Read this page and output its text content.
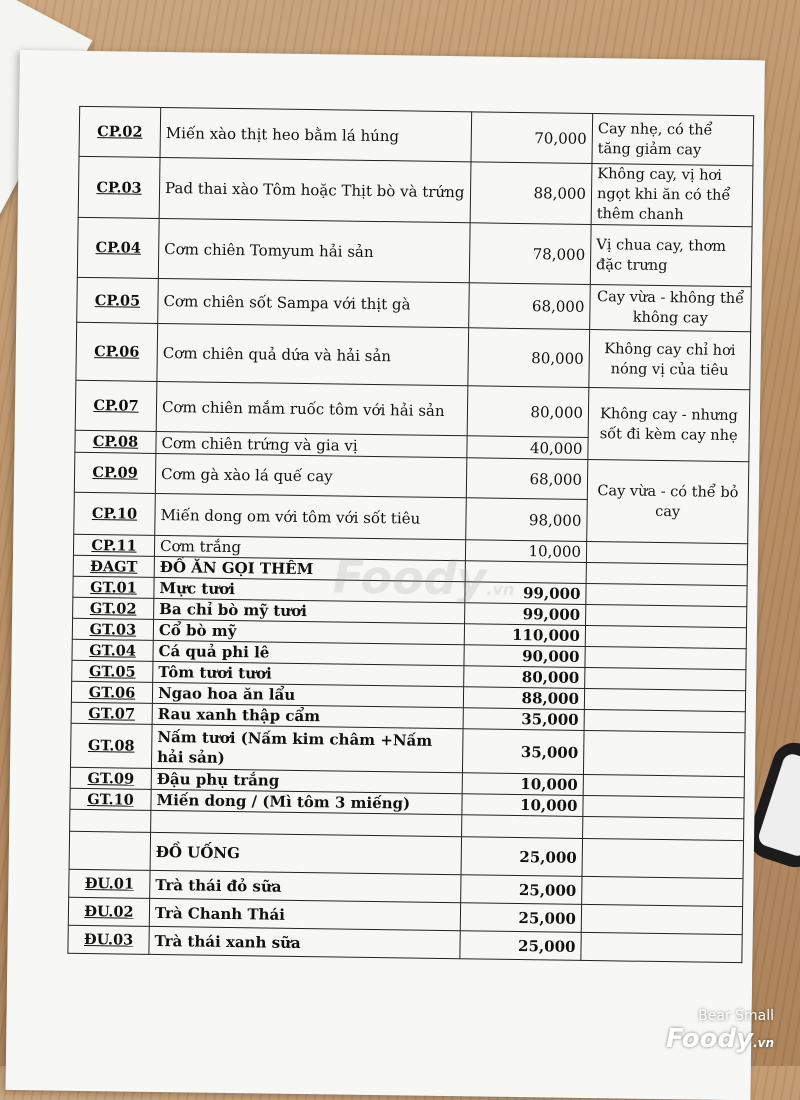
CP.02	Miến xào thịt heo bằm lá húng	70,000	Cay nhẹ, có thể tăng giảm cay
CP.03	Pad thai xào Tôm hoặc Thịt bò và trứng	88,000	Không cay, vị hơi ngọt khi ăn có thể thêm chanh
CP.04	Cơm chiên Tomyum hải sản	78,000	Vị chua cay, thơm đặc trưng
CP.05	Cơm chiên sốt Sampa với thịt gà	68,000	Cay vừa - không thể không cay
CP.06	Cơm chiên quả dứa và hải sản	80,000	Không cay chỉ hơi nóng vị của tiêu
CP.07	Cơm chiên mắm ruốc tôm với hải sản	80,000	Không cay - nhưng sốt đi kèm cay nhẹ
CP.08	Cơm chiên trứng và gia vị	40,000	
CP.09	Cơm gà xào lá quế cay	68,000	Cay vừa - có thể bỏ cay
CP.10	Miến dong om với tôm với sốt tiêu	98,000	
CP.11	Cơm trắng	10,000	
ĐAGT	ĐỒ ĂN GỌI THÊM		
GT.01	Mực tươi	99,000	
GT.02	Ba chỉ bò mỹ tươi	99,000	
GT.03	Cổ bò mỹ	110,000	
GT.04	Cá quả phi lê	90,000	
GT.05	Tôm tươi tươi	80,000	
GT.06	Ngao hoa ăn lẩu	88,000	
GT.07	Rau xanh thập cẩm	35,000	
GT.08	Nấm tươi (Nấm kim châm +Nấm hải sản)	35,000	
GT.09	Đậu phụ trắng	10,000	
GT.10	Miến dong / (Mì tôm 3 miếng)	10,000	

	ĐỒ UỐNG	25,000	
ĐU.01	Trà thái đỏ sữa	25,000	
ĐU.02	Trà Chanh Thái	25,000	
ĐU.03	Trà thái xanh sữa	25,000	
Foody.vn
Bear Small
Foody.vn
